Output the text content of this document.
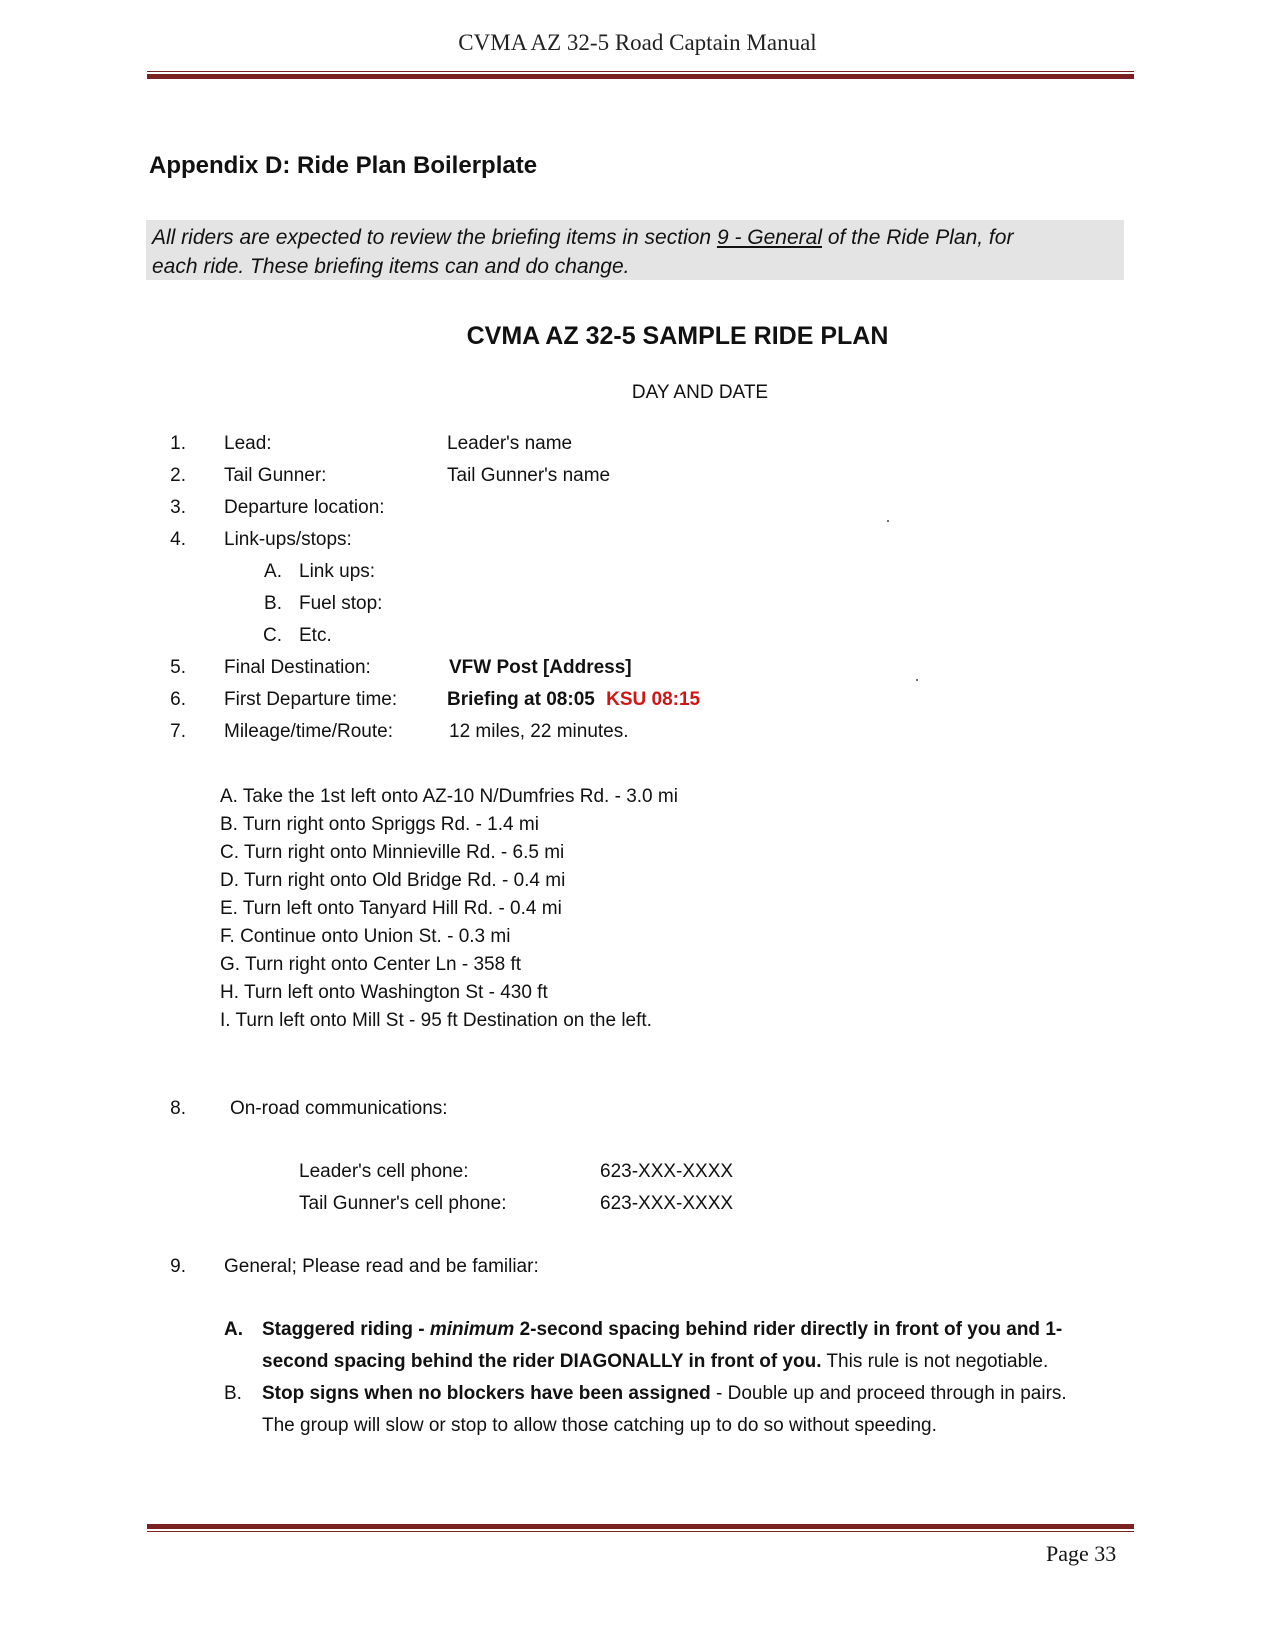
CVMA AZ 32-5 Road Captain Manual
Appendix D: Ride Plan Boilerplate
All riders are expected to review the briefing items in section 9 - General of the Ride Plan, for
each ride. These briefing items can and do change.
CVMA AZ 32-5 SAMPLE RIDE PLAN
DAY AND DATE
1. Lead:	Leader's name
2. Tail Gunner:	Tail Gunner's name
3. Departure location:
4. Link-ups/stops:
A. Link ups:
B. Fuel stop:
C. Etc.
5. Final Destination:	VFW Post [Address]
6. First Departure time:	Briefing at 08:05 KSU 08:15
7. Mileage/time/Route:	12 miles, 22 minutes.
A. Take the 1st left onto AZ-10 N/Dumfries Rd. - 3.0 mi
B. Turn right onto Spriggs Rd. - 1.4 mi
C. Turn right onto Minnieville Rd. - 6.5 mi
D. Turn right onto Old Bridge Rd. - 0.4 mi
E. Turn left onto Tanyard Hill Rd. - 0.4 mi
F. Continue onto Union St. - 0.3 mi
G. Turn right onto Center Ln - 358 ft
H. Turn left onto Washington St - 430 ft
I. Turn left onto Mill St - 95 ft Destination on the left.
8. On-road communications:
Leader's cell phone:	623-XXX-XXXX
Tail Gunner's cell phone:	623-XXX-XXXX
9. General; Please read and be familiar:
A. Staggered riding - minimum 2-second spacing behind rider directly in front of you and 1-
second spacing behind the rider DIAGONALLY in front of you. This rule is not negotiable.
B. Stop signs when no blockers have been assigned - Double up and proceed through in pairs.
The group will slow or stop to allow those catching up to do so without speeding.
Page 33
